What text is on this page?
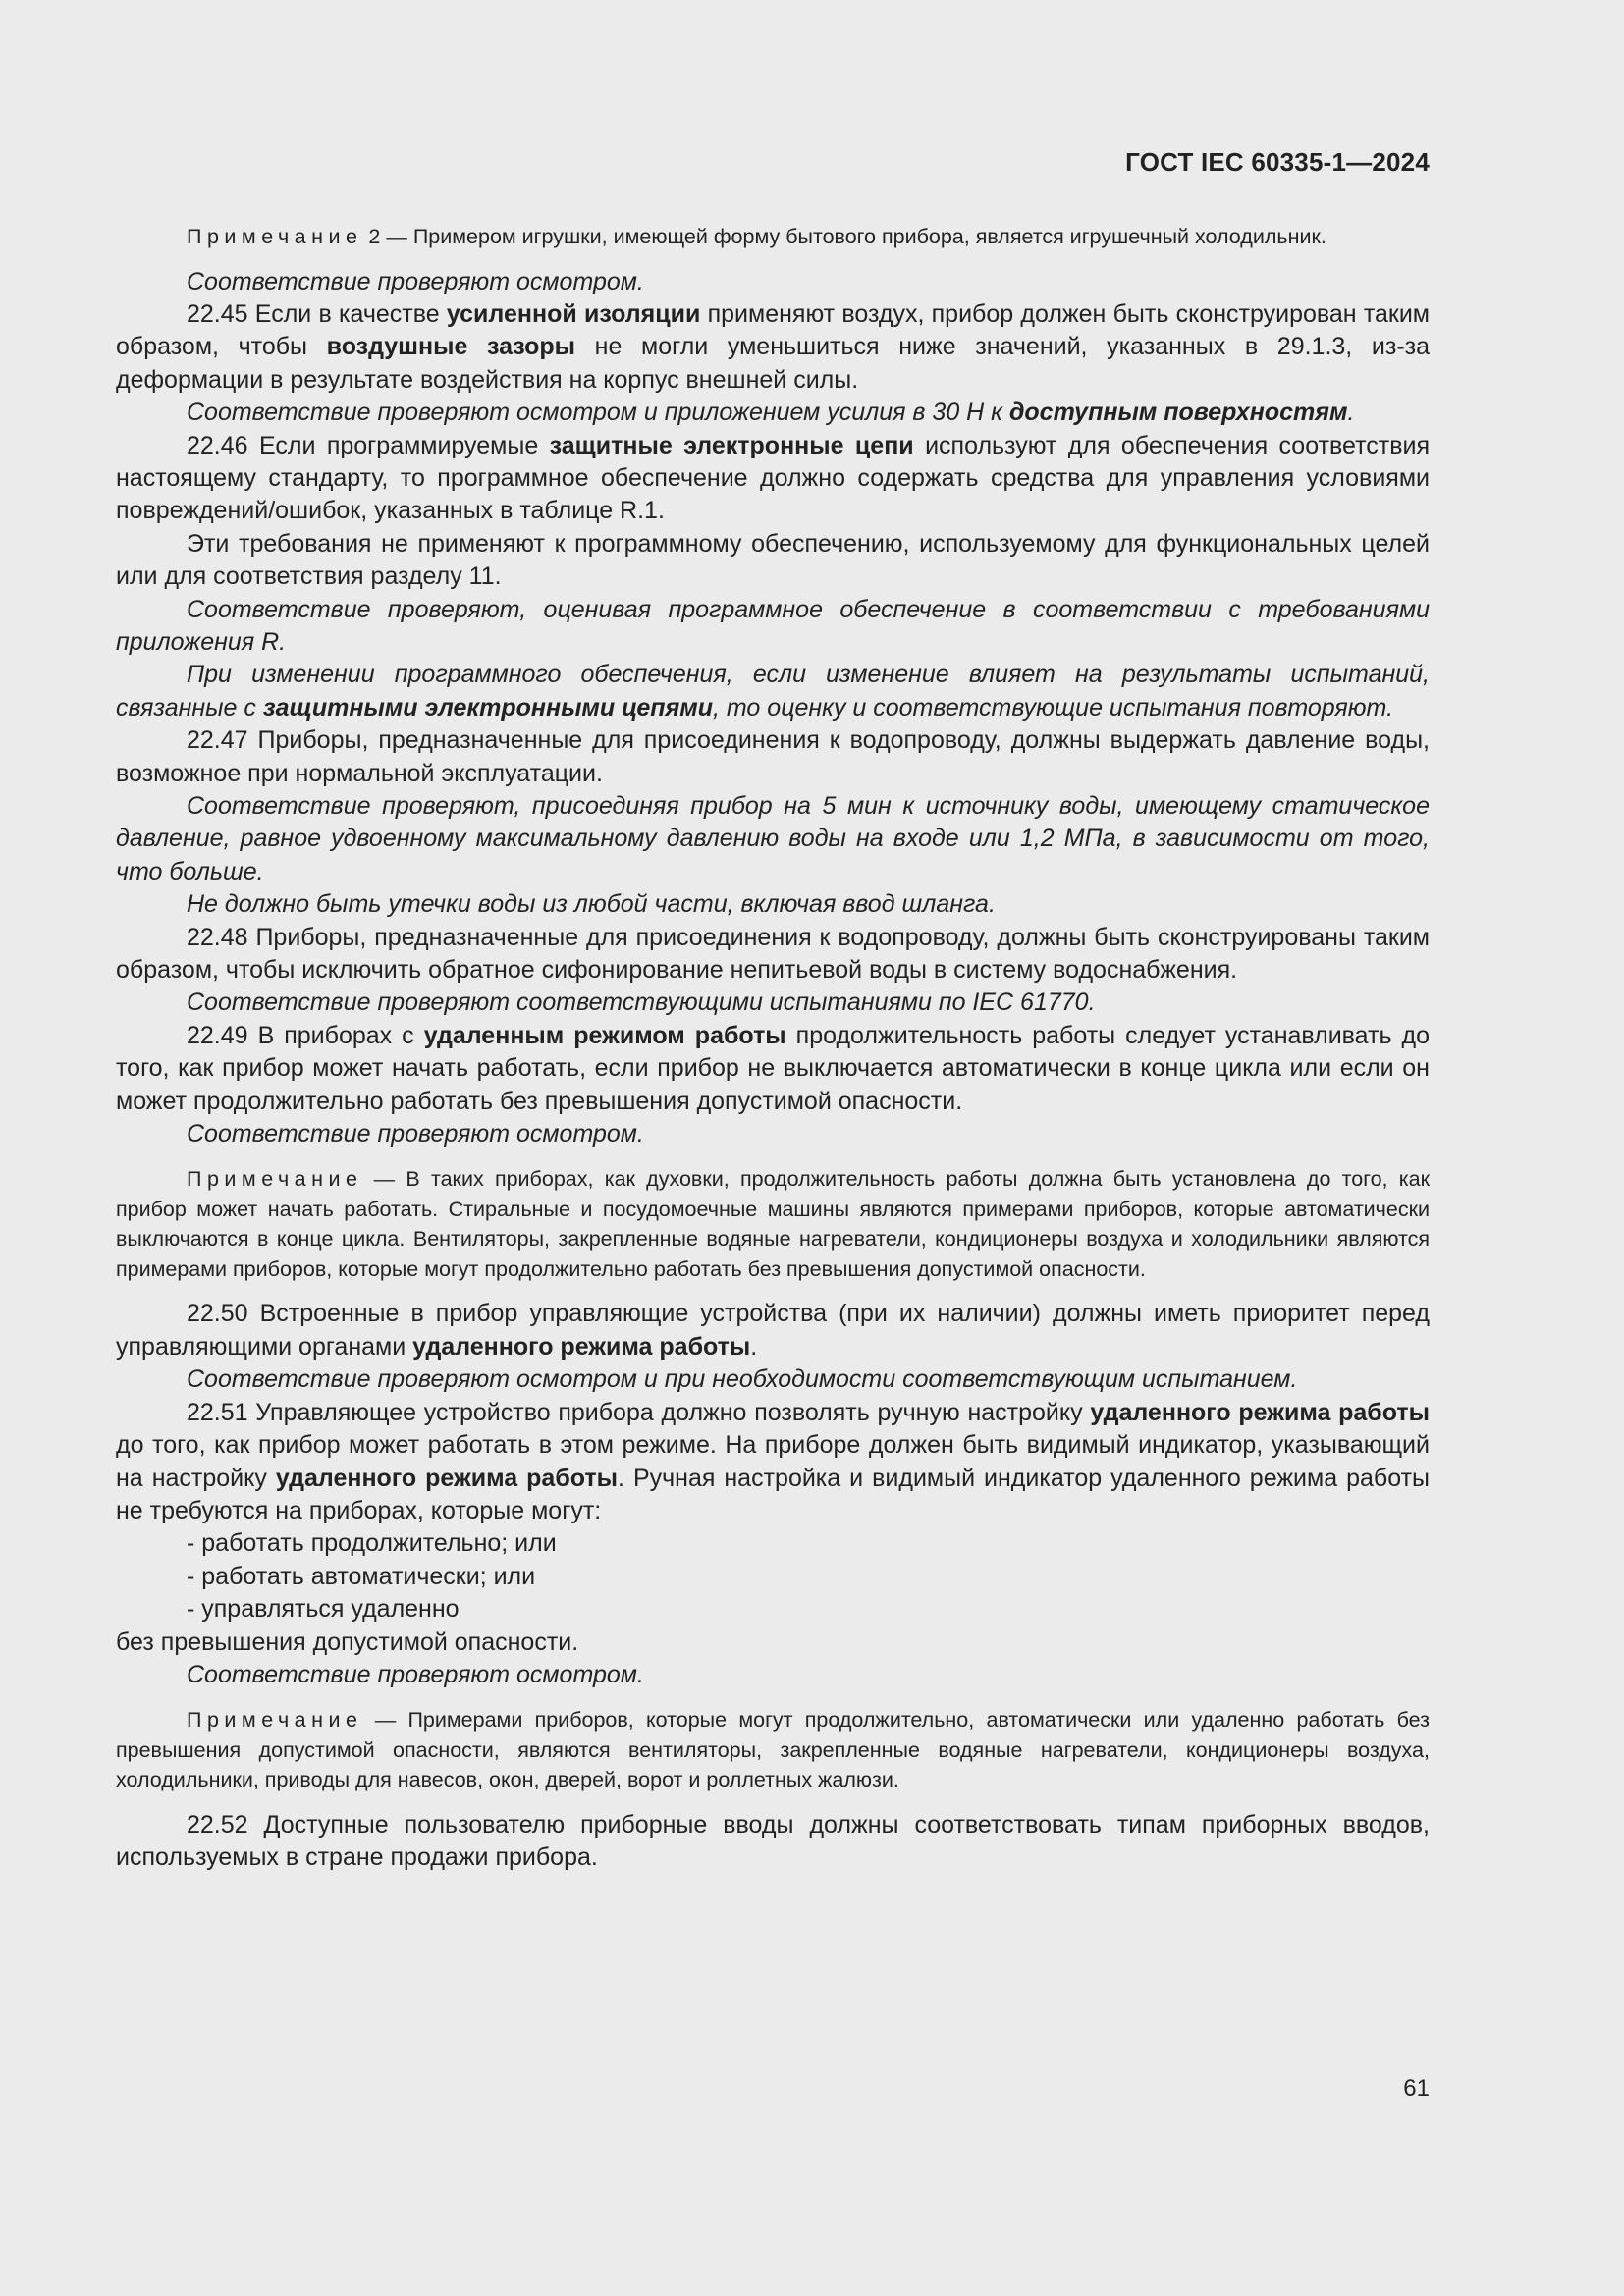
ГОСТ IEC 60335-1—2024

Примечание 2 — Примером игрушки, имеющей форму бытового прибора, является игрушечный холодильник.

Соответствие проверяют осмотром.

22.45 Если в качестве усиленной изоляции применяют воздух, прибор должен быть сконструирован таким образом, чтобы воздушные зазоры не могли уменьшиться ниже значений, указанных в 29.1.3, из-за деформации в результате воздействия на корпус внешней силы.

Соответствие проверяют осмотром и приложением усилия в 30 Н к доступным поверхностям.

22.46 Если программируемые защитные электронные цепи используют для обеспечения соответствия настоящему стандарту, то программное обеспечение должно содержать средства для управления условиями повреждений/ошибок, указанных в таблице R.1.

Эти требования не применяют к программному обеспечению, используемому для функциональных целей или для соответствия разделу 11.

Соответствие проверяют, оценивая программное обеспечение в соответствии с требованиями приложения R.

При изменении программного обеспечения, если изменение влияет на результаты испытаний, связанные с защитными электронными цепями, то оценку и соответствующие испытания повторяют.

22.47 Приборы, предназначенные для присоединения к водопроводу, должны выдержать давление воды, возможное при нормальной эксплуатации.

Соответствие проверяют, присоединяя прибор на 5 мин к источнику воды, имеющему статическое давление, равное удвоенному максимальному давлению воды на входе или 1,2 МПа, в зависимости от того, что больше.

Не должно быть утечки воды из любой части, включая ввод шланга.

22.48 Приборы, предназначенные для присоединения к водопроводу, должны быть сконструированы таким образом, чтобы исключить обратное сифонирование непитьевой воды в систему водоснабжения.

Соответствие проверяют соответствующими испытаниями по IEC 61770.

22.49 В приборах с удаленным режимом работы продолжительность работы следует устанавливать до того, как прибор может начать работать, если прибор не выключается автоматически в конце цикла или если он может продолжительно работать без превышения допустимой опасности.

Соответствие проверяют осмотром.

Примечание — В таких приборах, как духовки, продолжительность работы должна быть установлена до того, как прибор может начать работать. Стиральные и посудомоечные машины являются примерами приборов, которые автоматически выключаются в конце цикла. Вентиляторы, закрепленные водяные нагреватели, кондиционеры воздуха и холодильники являются примерами приборов, которые могут продолжительно работать без превышения допустимой опасности.

22.50 Встроенные в прибор управляющие устройства (при их наличии) должны иметь приоритет перед управляющими органами удаленного режима работы.

Соответствие проверяют осмотром и при необходимости соответствующим испытанием.

22.51 Управляющее устройство прибора должно позволять ручную настройку удаленного режима работы до того, как прибор может работать в этом режиме. На приборе должен быть видимый индикатор, указывающий на настройку удаленного режима работы. Ручная настройка и видимый индикатор удаленного режима работы не требуются на приборах, которые могут:

- работать продолжительно; или

- работать автоматически; или

- управляться удаленно

без превышения допустимой опасности.

Соответствие проверяют осмотром.

Примечание — Примерами приборов, которые могут продолжительно, автоматически или удаленно работать без превышения допустимой опасности, являются вентиляторы, закрепленные водяные нагреватели, кондиционеры воздуха, холодильники, приводы для навесов, окон, дверей, ворот и роллетных жалюзи.

22.52 Доступные пользователю приборные вводы должны соответствовать типам приборных вводов, используемых в стране продажи прибора.

61
